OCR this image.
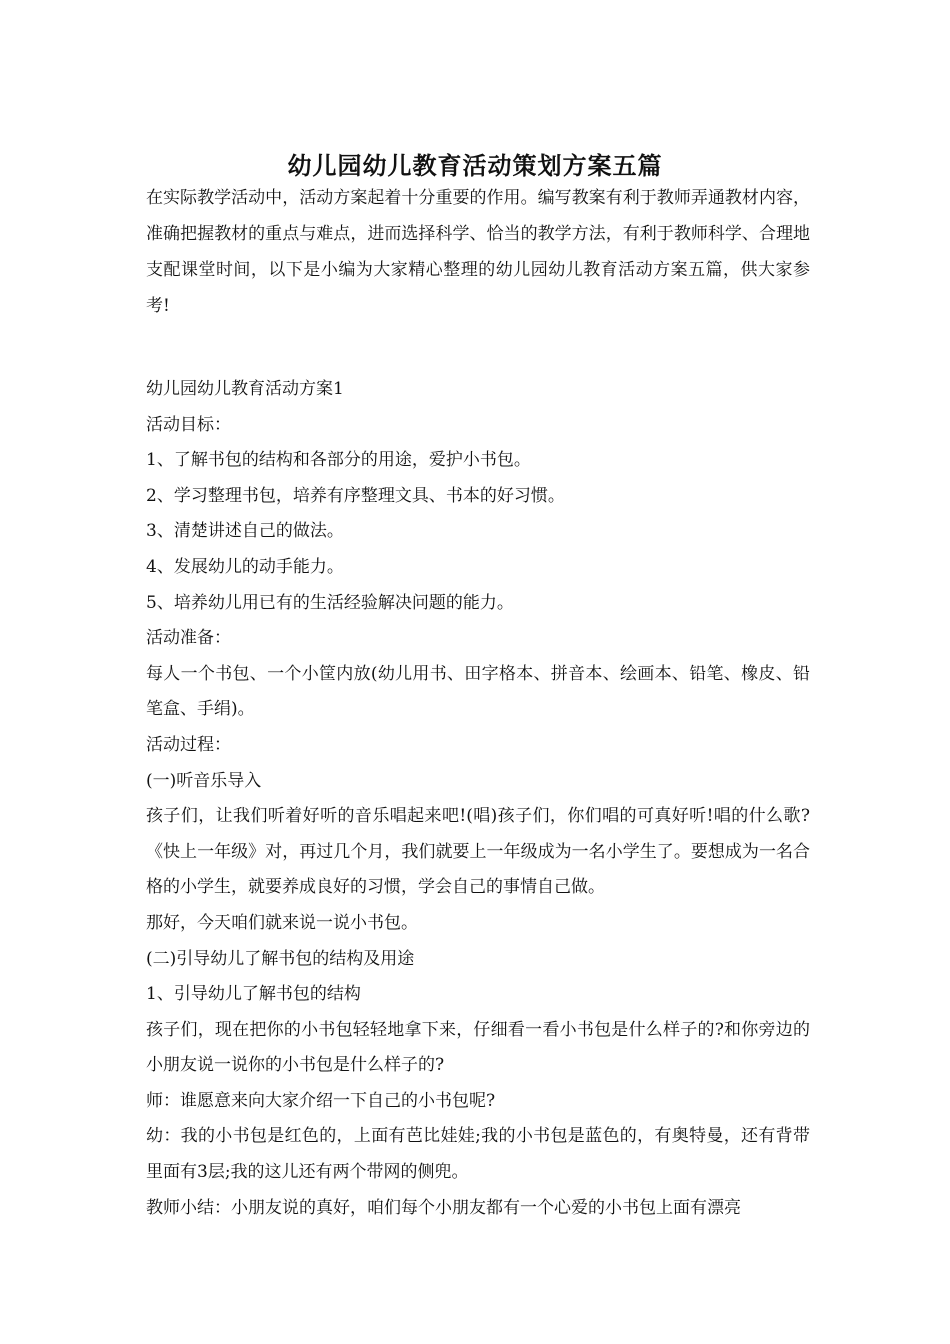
幼儿园幼儿教育活动策划方案五篇

在实际教学活动中，活动方案起着十分重要的作用。编写教案有利于教师弄通教材内容，准确把握教材的重点与难点，进而选择科学、恰当的教学方法，有利于教师科学、合理地支配课堂时间，以下是小编为大家精心整理的幼儿园幼儿教育活动方案五篇，供大家参考!

幼儿园幼儿教育活动方案1

活动目标：

1、了解书包的结构和各部分的用途，爱护小书包。

2、学习整理书包，培养有序整理文具、书本的好习惯。

3、清楚讲述自己的做法。

4、发展幼儿的动手能力。

5、培养幼儿用已有的生活经验解决问题的能力。

活动准备：

每人一个书包、一个小筐内放(幼儿用书、田字格本、拼音本、绘画本、铅笔、橡皮、铅笔盒、手绢)。

活动过程：

(一)听音乐导入

孩子们，让我们听着好听的音乐唱起来吧!(唱)孩子们，你们唱的可真好听!唱的什么歌?《快上一年级》对，再过几个月，我们就要上一年级成为一名小学生了。要想成为一名合格的小学生，就要养成良好的习惯，学会自己的事情自己做。

那好，今天咱们就来说一说小书包。

(二)引导幼儿了解书包的结构及用途

1、引导幼儿了解书包的结构

孩子们，现在把你的小书包轻轻地拿下来，仔细看一看小书包是什么样子的?和你旁边的小朋友说一说你的小书包是什么样子的?

师：谁愿意来向大家介绍一下自己的小书包呢?

幼：我的小书包是红色的，上面有芭比娃娃;我的小书包是蓝色的，有奥特曼，还有背带里面有3层;我的这儿还有两个带网的侧兜。

教师小结：小朋友说的真好，咱们每个小朋友都有一个心爱的小书包上面有漂亮
